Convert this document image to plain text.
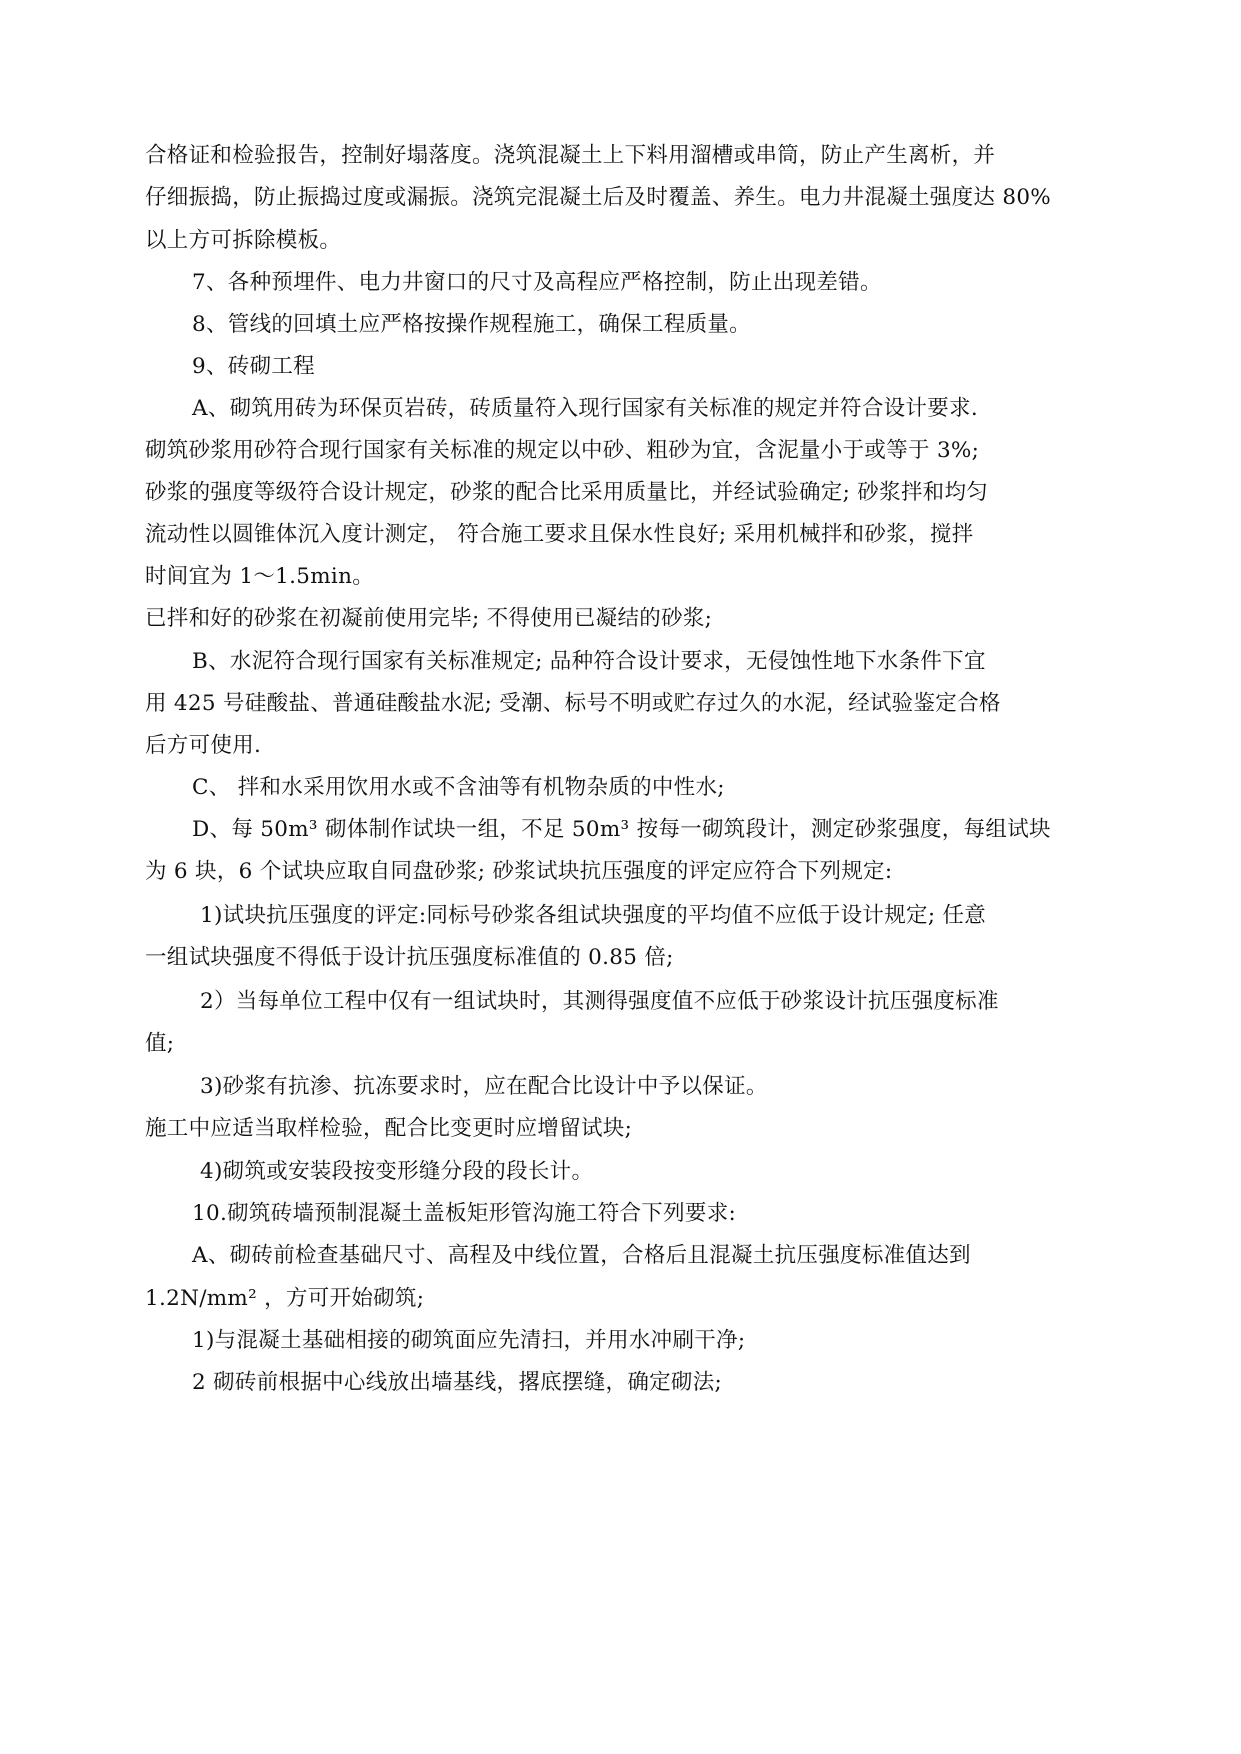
合格证和检验报告，控制好塌落度。浇筑混凝土上下料用溜槽或串筒，防止产生离析，并
仔细振捣，防止振捣过度或漏振。浇筑完混凝土后及时覆盖、养生。电力井混凝土强度达 80%
以上方可拆除模板。
7、各种预埋件、电力井窗口的尺寸及高程应严格控制，防止出现差错。
8、管线的回填土应严格按操作规程施工，确保工程质量。
9、砖砌工程
A、砌筑用砖为环保页岩砖，砖质量符入现行国家有关标准的规定并符合设计要求.
砌筑砂浆用砂符合现行国家有关标准的规定以中砂、粗砂为宜，含泥量小于或等于 3%;
砂浆的强度等级符合设计规定，砂浆的配合比采用质量比，并经试验确定; 砂浆拌和均匀
流动性以圆锥体沉入度计测定， 符合施工要求且保水性良好; 采用机械拌和砂浆，搅拌
时间宜为 1～1.5min。
已拌和好的砂浆在初凝前使用完毕; 不得使用已凝结的砂浆;
B、水泥符合现行国家有关标准规定; 品种符合设计要求，无侵蚀性地下水条件下宜
用 425 号硅酸盐、普通硅酸盐水泥; 受潮、标号不明或贮存过久的水泥，经试验鉴定合格
后方可使用.
C、 拌和水采用饮用水或不含油等有机物杂质的中性水;
D、每 50m³ 砌体制作试块一组，不足 50m³ 按每一砌筑段计，测定砂浆强度，每组试块
为 6 块，6 个试块应取自同盘砂浆; 砂浆试块抗压强度的评定应符合下列规定:
1)试块抗压强度的评定:同标号砂浆各组试块强度的平均值不应低于设计规定; 任意
一组试块强度不得低于设计抗压强度标准值的 0.85 倍;
2）当每单位工程中仅有一组试块时，其测得强度值不应低于砂浆设计抗压强度标准
值;
3)砂浆有抗渗、抗冻要求时，应在配合比设计中予以保证。
施工中应适当取样检验，配合比变更时应增留试块;
4)砌筑或安装段按变形缝分段的段长计。
10.砌筑砖墙预制混凝土盖板矩形管沟施工符合下列要求:
A、砌砖前检查基础尺寸、高程及中线位置，合格后且混凝土抗压强度标准值达到
1.2N/mm² ，方可开始砌筑;
1)与混凝土基础相接的砌筑面应先清扫，并用水冲刷干净;
2 砌砖前根据中心线放出墙基线，撂底摆缝，确定砌法;
